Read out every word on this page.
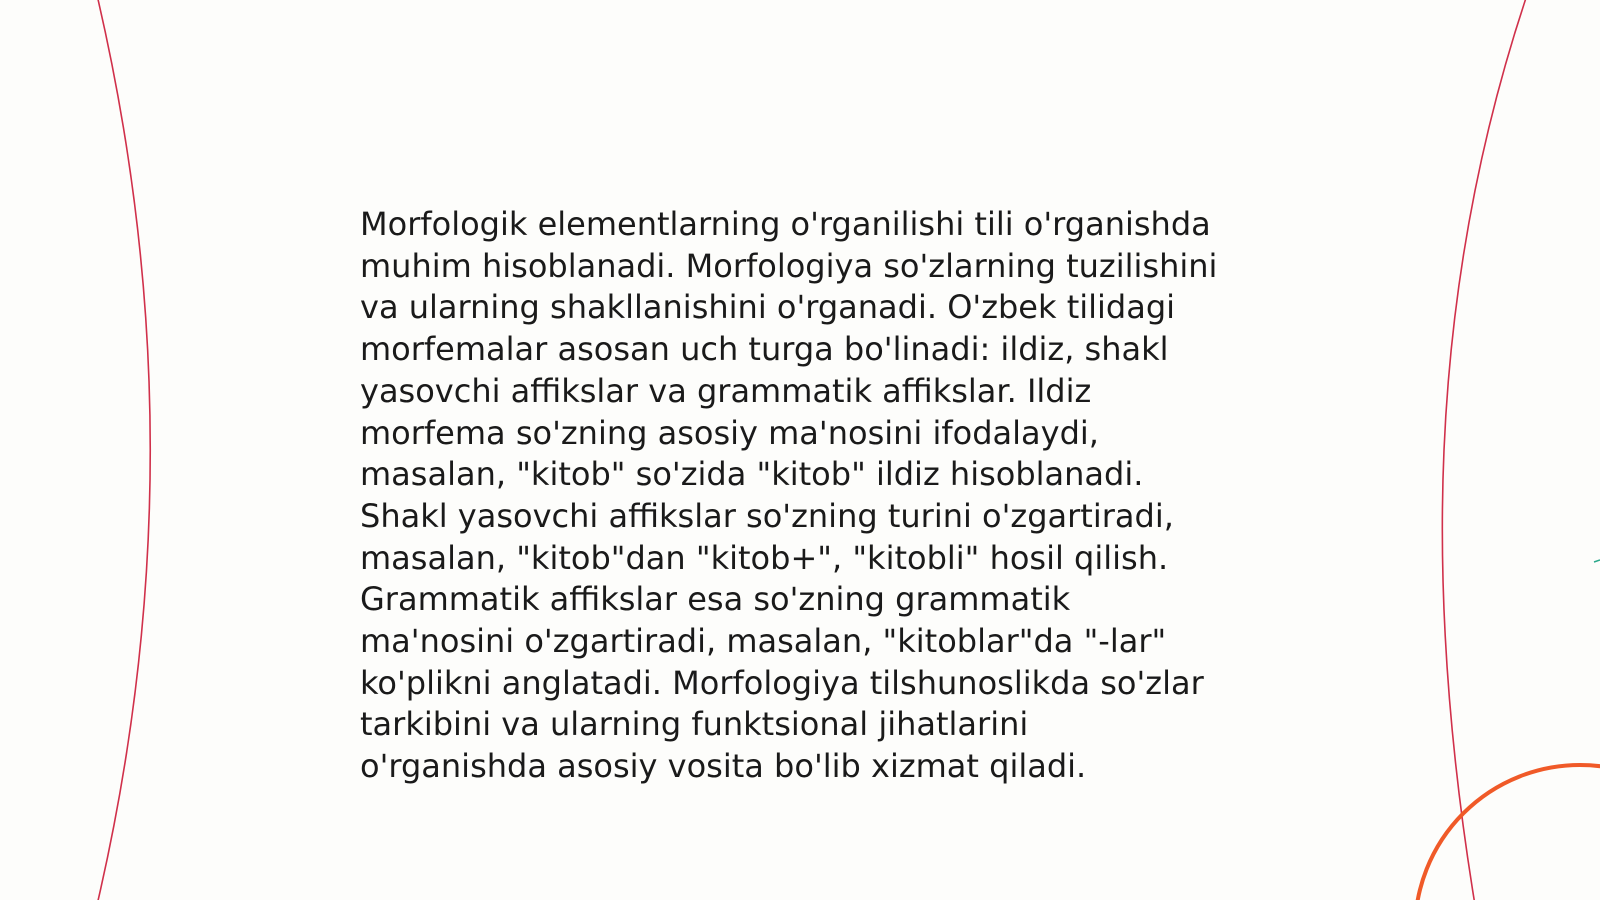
Morfologik elementlarning o'rganilishi tili o'rganishda
muhim hisoblanadi. Morfologiya so'zlarning tuzilishini
va ularning shakllanishini o'rganadi. O'zbek tilidagi
morfemalar asosan uch turga bo'linadi: ildiz, shakl
yasovchi affikslar va grammatik affikslar. Ildiz
morfema so'zning asosiy ma'nosini ifodalaydi,
masalan, "kitob" so'zida "kitob" ildiz hisoblanadi.
Shakl yasovchi affikslar so'zning turini o'zgartiradi,
masalan, "kitob"dan "kitob+", "kitobli" hosil qilish.
Grammatik affikslar esa so'zning grammatik
ma'nosini o'zgartiradi, masalan, "kitoblar"da "-lar"
ko'plikni anglatadi. Morfologiya tilshunoslikda so'zlar
tarkibini va ularning funktsional jihatlarini
o'rganishda asosiy vosita bo'lib xizmat qiladi.
